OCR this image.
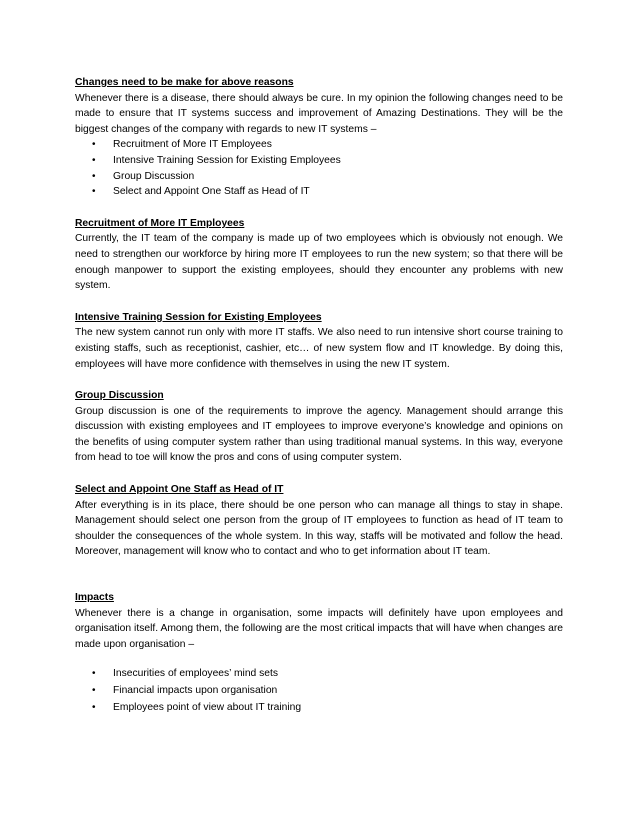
Changes need to be make for above reasons
Whenever there is a disease, there should always be cure. In my opinion the following changes need to be made to ensure that IT systems success and improvement of Amazing Destinations. They will be the biggest changes of the company with regards to new IT systems –
• Recruitment of More IT Employees
• Intensive Training Session for Existing Employees
• Group Discussion
• Select and Appoint One Staff as Head of IT
Recruitment of More IT Employees
Currently, the IT team of the company is made up of two employees which is obviously not enough. We need to strengthen our workforce by hiring more IT employees to run the new system; so that there will be enough manpower to support the existing employees, should they encounter any problems with new system.
Intensive Training Session for Existing Employees
The new system cannot run only with more IT staffs. We also need to run intensive short course training to existing staffs, such as receptionist, cashier, etc… of new system flow and IT knowledge. By doing this, employees will have more confidence with themselves in using the new IT system.
Group Discussion
Group discussion is one of the requirements to improve the agency. Management should arrange this discussion with existing employees and IT employees to improve everyone’s knowledge and opinions on the benefits of using computer system rather than using traditional manual systems. In this way, everyone from head to toe will know the pros and cons of using computer system.
Select and Appoint One Staff as Head of IT
After everything is in its place, there should be one person who can manage all things to stay in shape. Management should select one person from the group of IT employees to function as head of IT team to shoulder the consequences of the whole system. In this way, staffs will be motivated and follow the head. Moreover, management will know who to contact and who to get information about IT team.
Impacts
Whenever there is a change in organisation, some impacts will definitely have upon employees and organisation itself. Among them, the following are the most critical impacts that will have when changes are made upon organisation –
• Insecurities of employees’ mind sets
• Financial impacts upon organisation
• Employees point of view about IT training
